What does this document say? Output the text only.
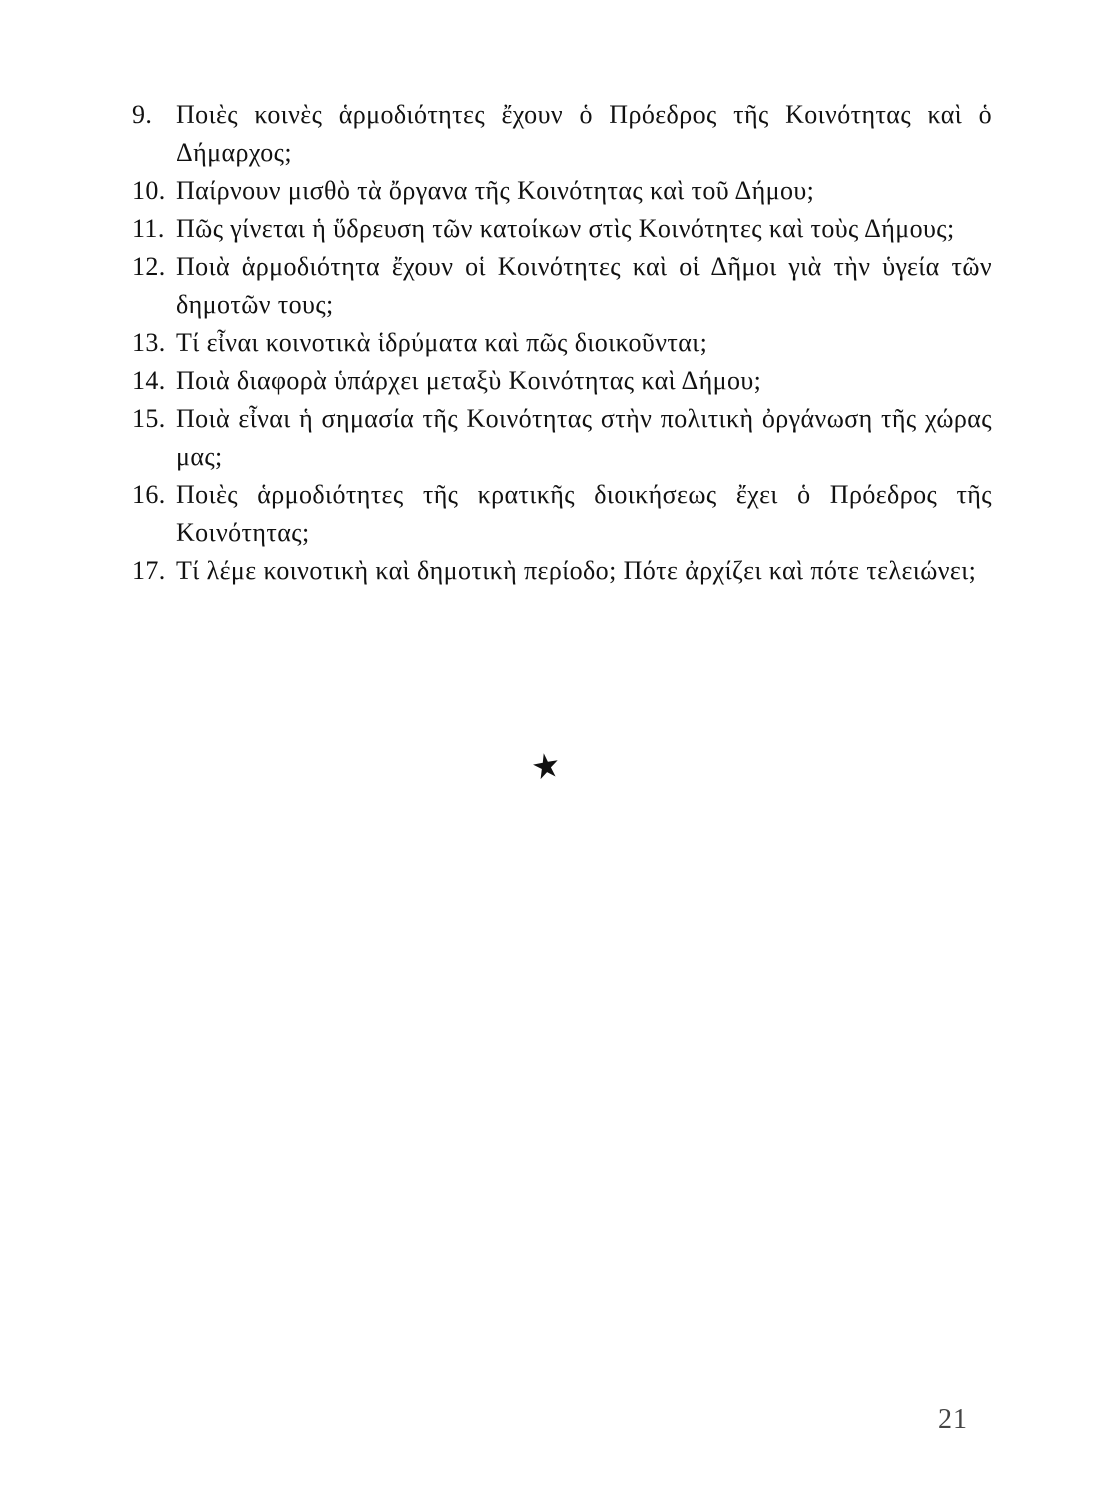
9. Ποιὲς κοινὲς ἁρμοδιότητες ἔχουν ὁ Πρόεδρος τῆς Κοινότητας καὶ ὁ Δήμαρχος;
10. Παίρνουν μισθὸ τὰ ὄργανα τῆς Κοινότητας καὶ τοῦ Δήμου;
11. Πῶς γίνεται ἡ ὕδρευση τῶν κατοίκων στὶς Κοινότητες καὶ τοὺς Δήμους;
12. Ποιὰ ἁρμοδιότητα ἔχουν οἱ Κοινότητες καὶ οἱ Δῆμοι γιὰ τὴν ὑγεία τῶν δημοτῶν τους;
13. Τί εἶναι κοινοτικὰ ἱδρύματα καὶ πῶς διοικοῦνται;
14. Ποιὰ διαφορὰ ὑπάρχει μεταξὺ Κοινότητας καὶ Δήμου;
15. Ποιὰ εἶναι ἡ σημασία τῆς Κοινότητας στὴν πολιτικὴ ὀργάνωση τῆς χώρας μας;
16. Ποιὲς ἁρμοδιότητες τῆς κρατικῆς διοικήσεως ἔχει ὁ Πρόεδρος τῆς Κοινότητας;
17. Τί λέμε κοινοτικὴ καὶ δημοτικὴ περίοδο; Πότε ἀρχίζει καὶ πότε τελειώνει;
21
